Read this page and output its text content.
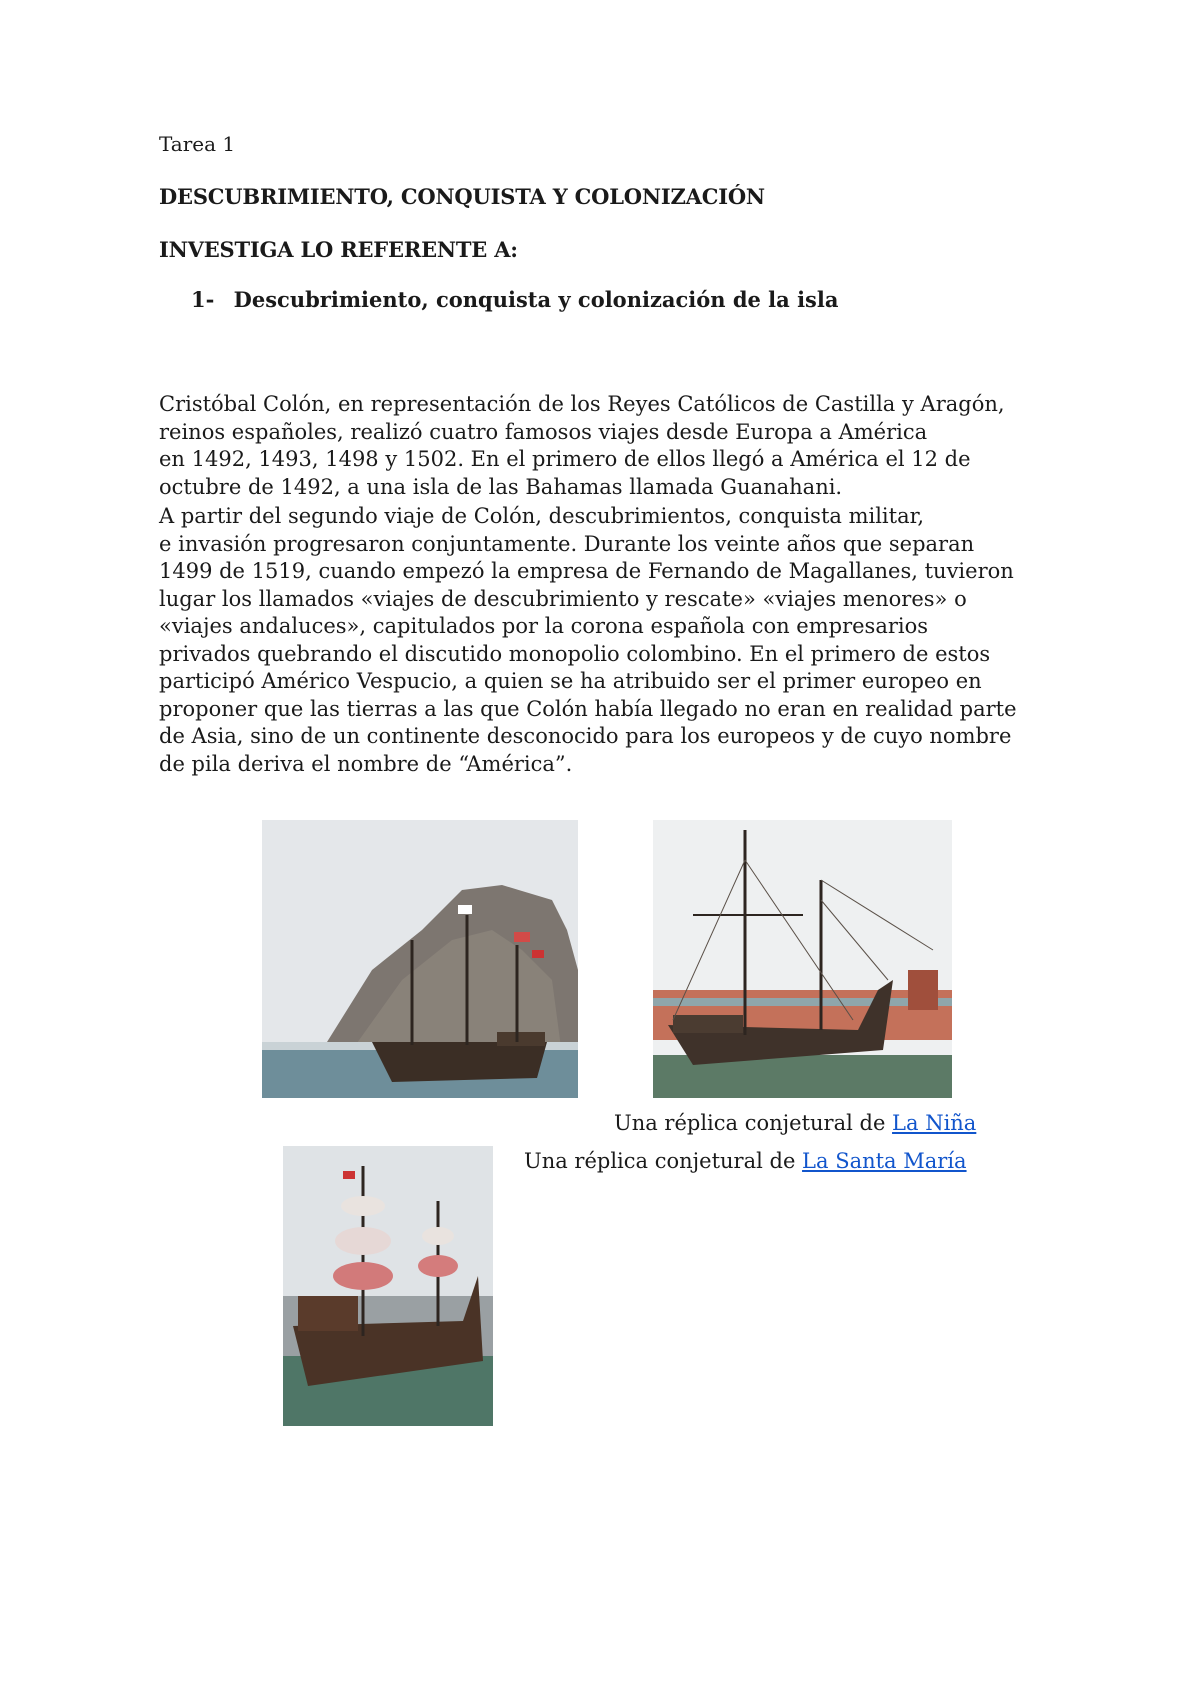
Tarea 1
DESCUBRIMIENTO, CONQUISTA Y COLONIZACIÓN
INVESTIGA LO REFERENTE A:
1- Descubrimiento, conquista y colonización de la isla
Cristóbal Colón, en representación de los Reyes Católicos de Castilla y Aragón,
reinos españoles, realizó cuatro famosos viajes desde Europa a América
en 1492, 1493, 1498 y 1502. En el primero de ellos llegó a América el 12 de
octubre de 1492, a una isla de las Bahamas llamada Guanahani.
A partir del segundo viaje de Colón, descubrimientos, conquista militar,
e invasión progresaron conjuntamente. Durante los veinte años que separan
1499 de 1519, cuando empezó la empresa de Fernando de Magallanes, tuvieron
lugar los llamados «viajes de descubrimiento y rescate» «viajes menores» o
«viajes andaluces», capitulados por la corona española con empresarios
privados quebrando el discutido monopolio colombino. En el primero de estos
participó Américo Vespucio, a quien se ha atribuido ser el primer europeo en
proponer que las tierras a las que Colón había llegado no eran en realidad parte
de Asia, sino de un continente desconocido para los europeos y de cuyo nombre
de pila deriva el nombre de “América”.
Una réplica conjetural de La Niña
Una réplica conjetural de La Santa María
